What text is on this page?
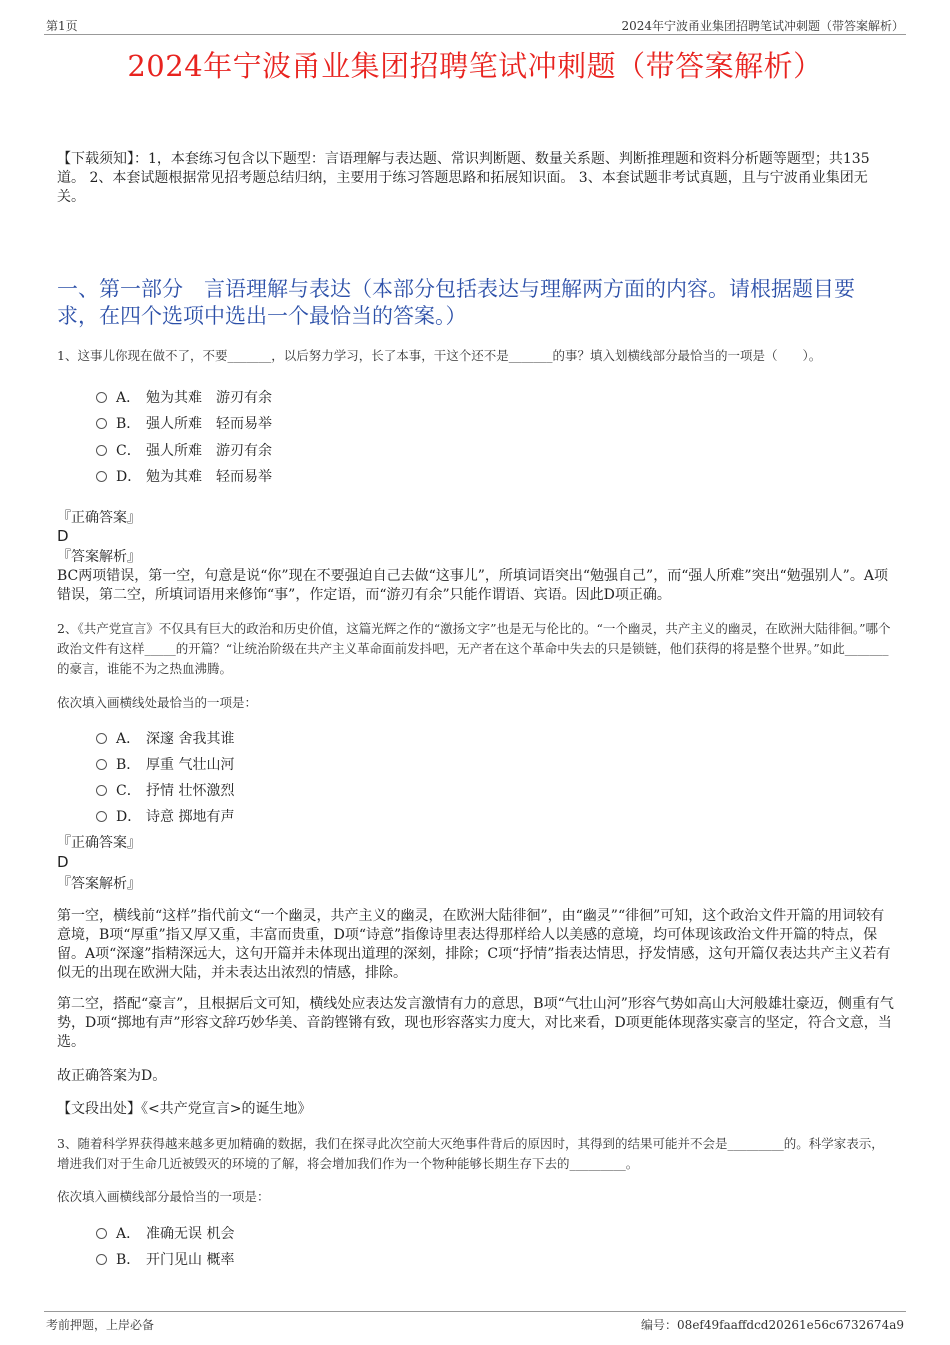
第1页	2024年宁波甬业集团招聘笔试冲刺题（带答案解析）
2024年宁波甬业集团招聘笔试冲刺题（带答案解析）
【下载须知】：1，本套练习包含以下题型：言语理解与表达题、常识判断题、数量关系题、判断推理题和资料分析题等题型；共135道。 2、本套试题根据常见招考题总结归纳，主要用于练习答题思路和拓展知识面。 3、本套试题非考试真题，且与宁波甬业集团无关。
一、第一部分　言语理解与表达（本部分包括表达与理解两方面的内容。请根据题目要求，在四个选项中选出一个最恰当的答案。）
1、这事儿你现在做不了，不要_______，以后努力学习，长了本事，干这个还不是_______的事？填入划横线部分最恰当的一项是（　　）。
A． 勉为其难　游刃有余
B． 强人所难　轻而易举
C． 强人所难　游刃有余
D． 勉为其难　轻而易举
『正确答案』
D
『答案解析』
BC两项错误，第一空，句意是说“你”现在不要强迫自己去做“这事儿”，所填词语突出“勉强自己”，而“强人所难”突出“勉强别人”。A项错误，第二空，所填词语用来修饰“事”，作定语，而“游刃有余”只能作谓语、宾语。因此D项正确。
2、《共产党宣言》不仅具有巨大的政治和历史价值，这篇光辉之作的“激扬文字”也是无与伦比的。“一个幽灵，共产主义的幽灵，在欧洲大陆徘徊。”哪个政治文件有这样_____的开篇？“让统治阶级在共产主义革命面前发抖吧，无产者在这个革命中失去的只是锁链，他们获得的将是整个世界。”如此_______的豪言，谁能不为之热血沸腾。
依次填入画横线处最恰当的一项是：
A． 深邃 舍我其谁
B． 厚重 气壮山河
C． 抒情 壮怀激烈
D． 诗意 掷地有声
『正确答案』
D
『答案解析』
第一空，横线前“这样”指代前文“一个幽灵，共产主义的幽灵，在欧洲大陆徘徊”，由“幽灵”“徘徊”可知，这个政治文件开篇的用词较有意境，B项“厚重”指又厚又重，丰富而贵重，D项“诗意”指像诗里表达得那样给人以美感的意境，均可体现该政治文件开篇的特点，保留。A项“深邃”指精深远大，这句开篇并未体现出道理的深刻，排除；C项“抒情”指表达情思，抒发情感，这句开篇仅表达共产主义若有似无的出现在欧洲大陆，并未表达出浓烈的情感，排除。
第二空，搭配“豪言”，且根据后文可知，横线处应表达发言激情有力的意思，B项“气壮山河”形容气势如高山大河般雄壮豪迈，侧重有气势，D项“掷地有声”形容文辞巧妙华美、音韵铿锵有致，现也形容落实力度大，对比来看，D项更能体现落实豪言的坚定，符合文意，当选。
故正确答案为D。
【文段出处】《<共产党宣言>的诞生地》
3、随着科学界获得越来越多更加精确的数据，我们在探寻此次空前大灭绝事件背后的原因时，其得到的结果可能并不会是_________的。科学家表示，增进我们对于生命几近被毁灭的环境的了解，将会增加我们作为一个物种能够长期生存下去的_________。
依次填入画横线部分最恰当的一项是：
A． 准确无误 机会
B． 开门见山 概率
考前押题，上岸必备	编号：08ef49faaffdcd20261e56c6732674a9
